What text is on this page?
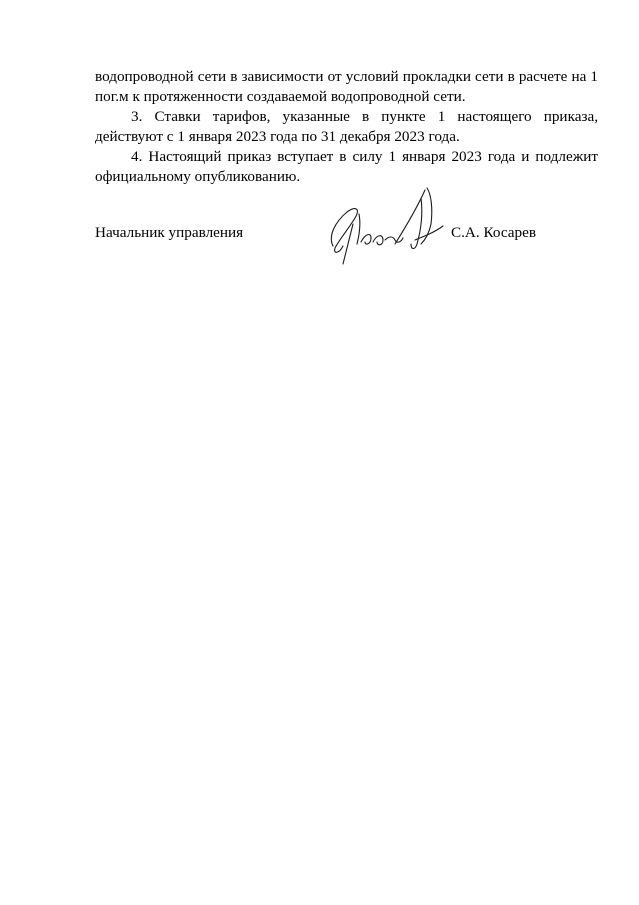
водопроводной сети в зависимости от условий прокладки сети в расчете на 1 пог.м к протяженности создаваемой водопроводной сети.

3. Ставки тарифов, указанные в пункте 1 настоящего приказа, действуют с 1 января 2023 года по 31 декабря 2023 года.

4. Настоящий приказ вступает в силу 1 января 2023 года и подлежит официальному опубликованию.

Начальник управления	С.А. Косарев
